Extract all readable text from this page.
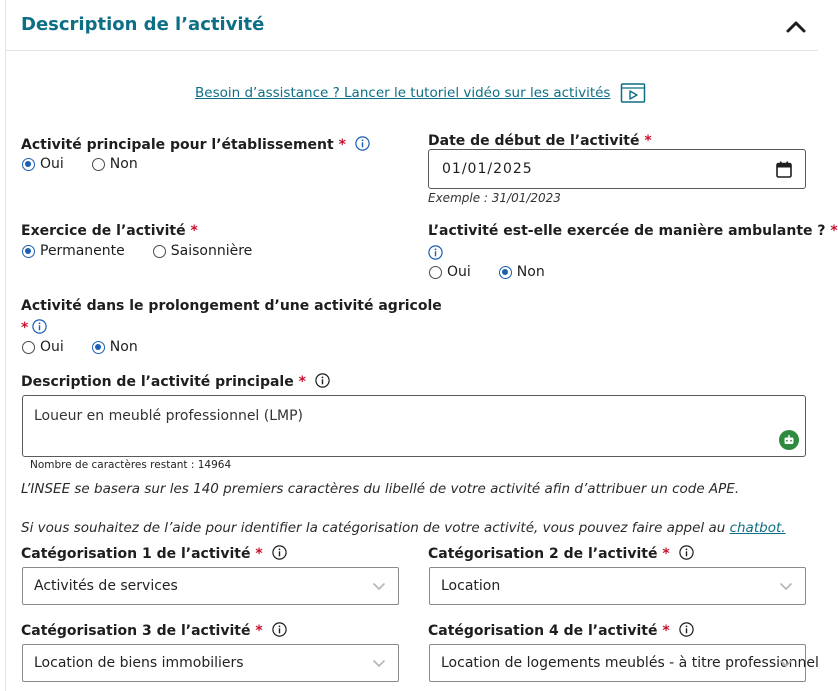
Description de l’activité
Besoin d’assistance ? Lancer le tutoriel vidéo sur les activités
Activité principale pour l’établissement *
Oui	Non
Date de début de l’activité *
01/01/2025
Exemple : 31/01/2023
Exercice de l’activité *
Permanente	Saisonnière
L’activité est-elle exercée de manière ambulante ? *
Oui	Non
Activité dans le prolongement d’une activité agricole
*
Oui	Non
Description de l’activité principale *
Loueur en meublé professionnel (LMP)
Nombre de caractères restant : 14964
L’INSEE se basera sur les 140 premiers caractères du libellé de votre activité afin d’attribuer un code APE.
Si vous souhaitez de l’aide pour identifier la catégorisation de votre activité, vous pouvez faire appel au chatbot.
Catégorisation 1 de l’activité *
Activités de services
Catégorisation 2 de l’activité *
Location
Catégorisation 3 de l’activité *
Location de biens immobiliers
Catégorisation 4 de l’activité *
Location de logements meublés - à titre professionnel
